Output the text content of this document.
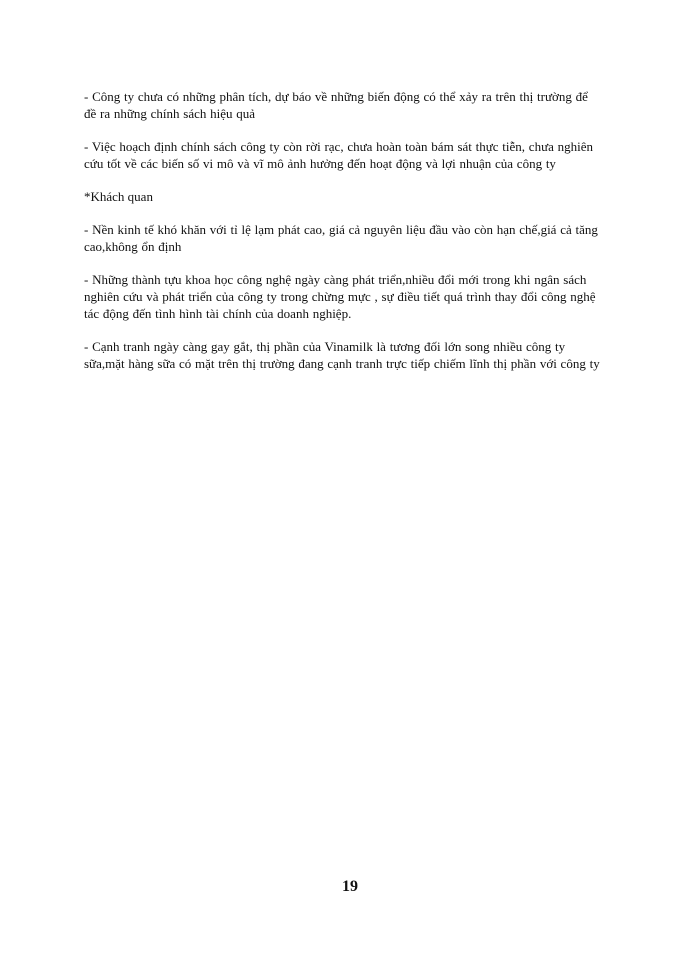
- Công ty chưa có những phân tích, dự báo về những biến động có thể xảy ra trên thị trường để
đề ra những chính sách hiệu quả

- Việc hoạch định chính sách công ty còn rời rạc, chưa hoàn toàn bám sát thực tiễn, chưa nghiên
cứu tốt về các biến số vi mô và vĩ mô ảnh hưởng đến hoạt động và lợi nhuận của công ty

*Khách quan

- Nền kinh tế khó khăn với tỉ lệ lạm phát cao, giá cả nguyên liệu đầu vào còn hạn chế,giá cả tăng
cao,không ổn định

- Những thành tựu khoa học công nghệ ngày càng phát triển,nhiều đổi mới trong khi ngân sách
nghiên cứu và phát triển của công ty trong chừng mực , sự điều tiết quá trình thay đổi công nghệ
tác động đến tình hình tài chính của doanh nghiệp.

- Cạnh tranh ngày càng gay gắt, thị phần của Vinamilk là tương đối lớn song nhiều công ty
sữa,mặt hàng sữa có mặt trên thị trường đang cạnh tranh trực tiếp chiếm lĩnh thị phần với công ty

19
